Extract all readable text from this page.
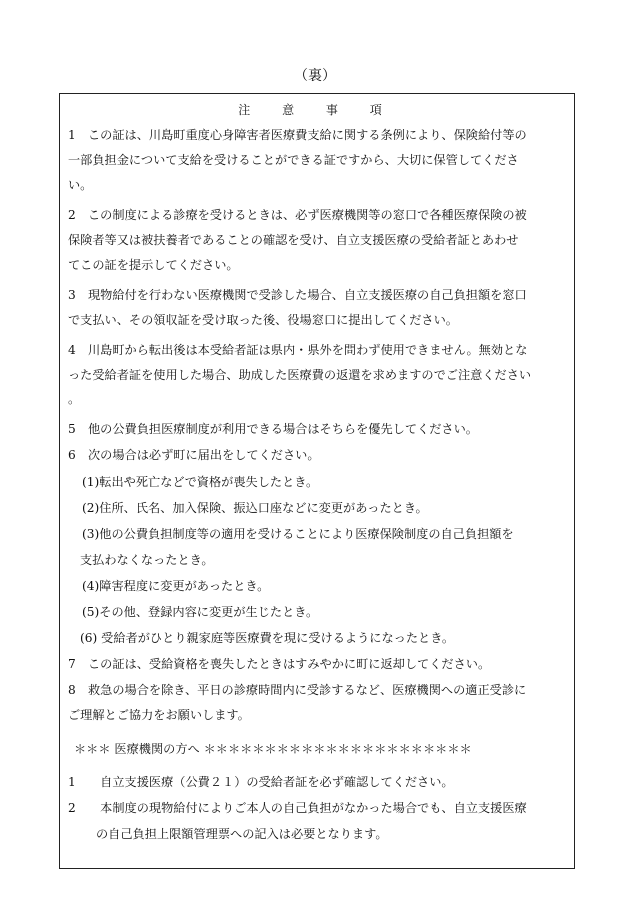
（裏）
注 意 事 項
1　この証は、川島町重度心身障害者医療費支給に関する条例により、保険給付等の
一部負担金について支給を受けることができる証ですから、大切に保管してくださ
い。
2　この制度による診療を受けるときは、必ず医療機関等の窓口で各種医療保険の被
保険者等又は被扶養者であることの確認を受け、自立支援医療の受給者証とあわせ
てこの証を提示してください。
3　現物給付を行わない医療機関で受診した場合、自立支援医療の自己負担額を窓口
で支払い、その領収証を受け取った後、役場窓口に提出してください。
4　川島町から転出後は本受給者証は県内・県外を問わず使用できません。無効とな
った受給者証を使用した場合、助成した医療費の返還を求めますのでご注意ください
。
5　他の公費負担医療制度が利用できる場合はそちらを優先してください。
6　次の場合は必ず町に届出をしてください。
(1)転出や死亡などで資格が喪失したとき。
(2)住所、氏名、加入保険、振込口座などに変更があったとき。
(3)他の公費負担制度等の適用を受けることにより医療保険制度の自己負担額を
支払わなくなったとき。
(4)障害程度に変更があったとき。
(5)その他、登録内容に変更が生じたとき。
(6) 受給者がひとり親家庭等医療費を現に受けるようになったとき。
7　この証は、受給資格を喪失したときはすみやかに町に返却してください。
8　救急の場合を除き、平日の診療時間内に受診するなど、医療機関への適正受診に
ご理解とご協力をお願いします。
＊＊＊ 医療機関の方へ ＊＊＊＊＊＊＊＊＊＊＊＊＊＊＊＊＊＊＊＊＊＊
1　　自立支援医療（公費２１）の受給者証を必ず確認してください。
2　　本制度の現物給付によりご本人の自己負担がなかった場合でも、自立支援医療
の自己負担上限額管理票への記入は必要となります。
